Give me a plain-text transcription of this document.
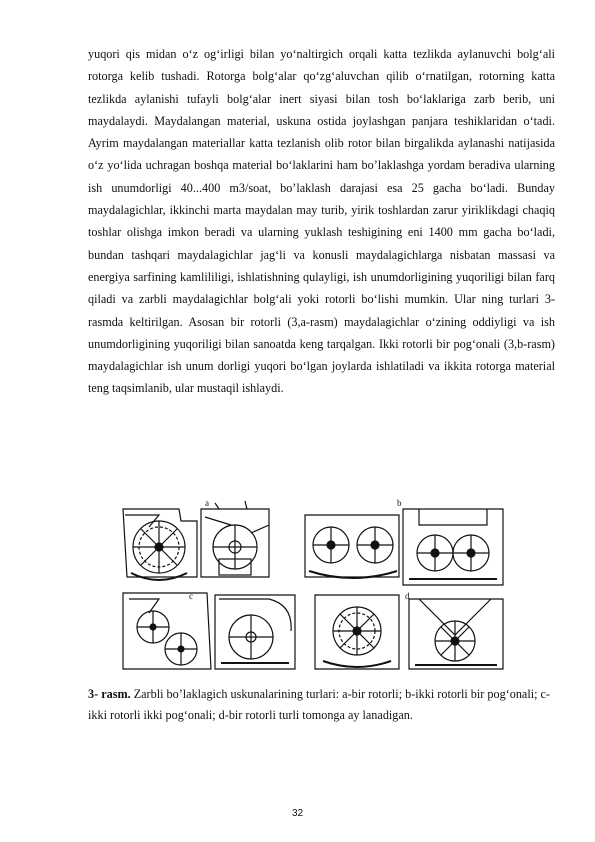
yuqori qis midan o‘z og‘irligi bilan yo‘naltirgich orqali katta tezlikda aylanuvchi bolg‘ali rotorga kelib tushadi. Rotorga bolg‘alar qo‘zg‘aluvchan qilib o‘rnatilgan, rotorning katta tezlikda aylanishi tufayli bolg‘alar inert siyasi bilan tosh bo‘laklariga zarb berib, uni maydalaydi. Maydalangan material, uskuna ostida joylashgan panjara teshiklaridan o‘tadi. Ayrim maydalangan materiallar katta tezlanish olib rotor bilan birgalikda aylanashi natijasida o‘z yo‘lida uchragan boshqa material bo‘laklarini ham bo’laklashga yordam beradiva ularning ish unumdorligi 40...400 m3/soat, bo’laklash darajasi esa 25 gacha bo‘ladi. Bunday maydalagichlar, ikkinchi marta maydalan may turib, yirik toshlardan zarur yiriklikdagi chaqiq toshlar olishga imkon beradi va ularning yuklash teshigining eni 1400 mm gacha bo‘ladi, bundan tashqari maydalagichlar jag‘li va konusli maydalagichlarga nisbatan massasi va energiya sarfining kamlililigi, ishlatishning qulayligi, ish unumdorligining yuqoriligi bilan farq qiladi va zarbli maydalagichlar bolg‘ali yoki rotorli bo‘lishi mumkin. Ular ning turlari 3-rasmda keltirilgan. Asosan bir rotorli (3,a-rasm) maydalagichlar o‘zining oddiyligi va ish unumdorligining yuqoriligi bilan sanoatda keng tarqalgan. Ikki rotorli bir pog‘onali (3,b-rasm) maydalagichlar ish unum dorligi yuqori bo‘lgan joylarda ishlatiladi va ikkita rotorga material teng taqsimlanib, ular mustaqil ishlaydi.

a	b
c	d

3- rasm. Zarbli bo’laklagich uskunalarining turlari: a-bir rotorli; b-ikki rotorli bir pog‘onali; c-ikki rotorli ikki pog‘onali; d-bir rotorli turli tomonga ay lanadigan.

32
